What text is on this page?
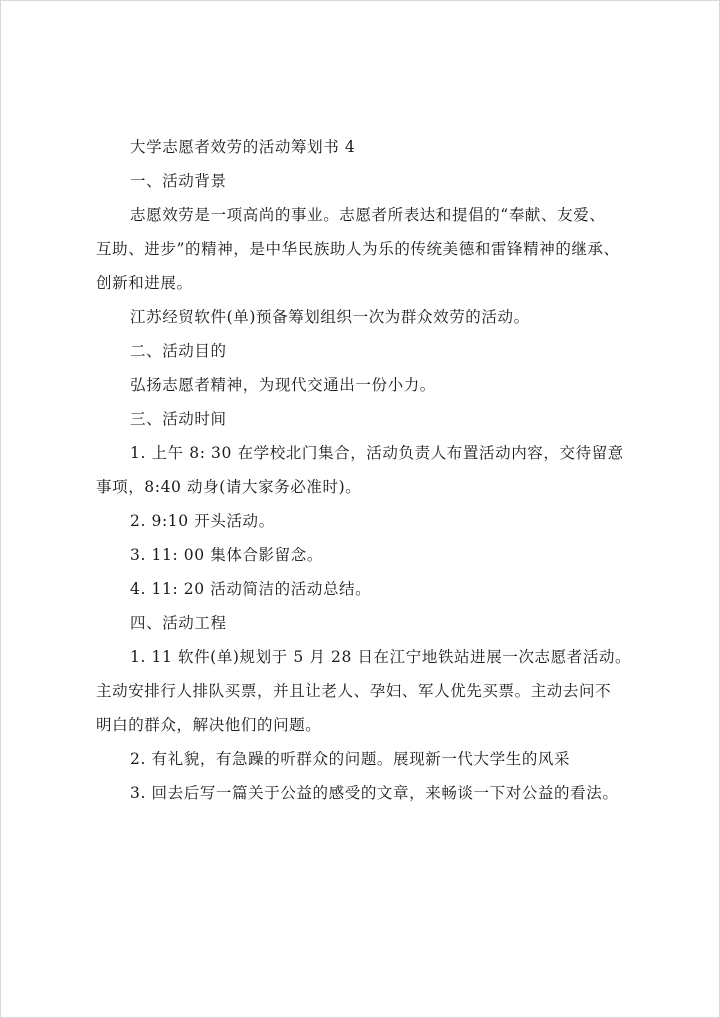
大学志愿者效劳的活动筹划书 4
一、活动背景
志愿效劳是一项高尚的事业。志愿者所表达和提倡的“奉献、友爱、
互助、进步”的精神，是中华民族助人为乐的传统美德和雷锋精神的继承、
创新和进展。
江苏经贸软件(单)预备筹划组织一次为群众效劳的活动。
二、活动目的
弘扬志愿者精神，为现代交通出一份小力。
三、活动时间
1. 上午 8: 30 在学校北门集合，活动负责人布置活动内容，交待留意
事项，8:40 动身(请大家务必准时)。
2. 9:10 开头活动。
3. 11: 00 集体合影留念。
4. 11: 20 活动简洁的活动总结。
四、活动工程
1. 11 软件(单)规划于 5 月 28 日在江宁地铁站进展一次志愿者活动。
主动安排行人排队买票，并且让老人、孕妇、军人优先买票。主动去问不
明白的群众，解决他们的问题。
2. 有礼貌，有急躁的听群众的问题。展现新一代大学生的风采
3. 回去后写一篇关于公益的感受的文章，来畅谈一下对公益的看法。
